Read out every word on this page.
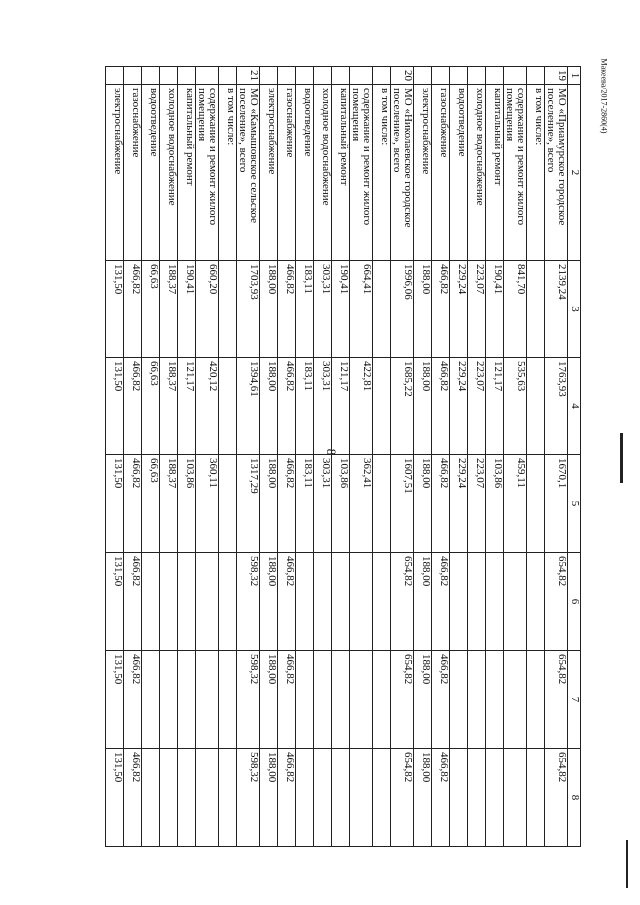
8
Макеева/2017-2860(4)
1	2	3	4	5	6	7	8
19	МО «Приамурское городское поселение», всего	2139,24	1763,93	1670,1	654,82	654,82	654,82
	в том числе:						
	содержание и ремонт жилого помещения	841,70	535,63	459,11			
	капитальный ремонт	190,41	121,17	103,86			
	холодное водоснабжение	223,07	223,07	223,07			
	водоотведение	229,24	229,24	229,24			
	газоснабжение	466,82	466,82	466,82	466,82	466,82	466,82
	электроснабжение	188,00	188,00	188,00	188,00	188,00	188,00
20	МО «Николаевское городское поселение», всего	1996,06	1685,22	1607,51	654,82	654,82	654,82
	в том числе:						
	содержание и ремонт жилого помещения	664,41	422,81	362,41			
	капитальный ремонт	190,41	121,17	103,86			
	холодное водоснабжение	303,31	303,31	303,31			
	водоотведение	183,11	183,11	183,11			
	газоснабжение	466,82	466,82	466,82	466,82	466,82	466,82
	электроснабжение	188,00	188,00	188,00	188,00	188,00	188,00
21	МО «Камышовское сельское поселение», всего	1703,93	1394,61	1317,29	598,32	598,32	598,32
	в том числе:						
	содержание и ремонт жилого помещения	660,20	420,12	360,11			
	капитальный ремонт	190,41	121,17	103,86			
	холодное водоснабжение	188,37	188,37	188,37			
	водоотведение	66,63	66,63	66,63			
	газоснабжение	466,82	466,82	466,82	466,82	466,82	466,82
	электроснабжение	131,50	131,50	131,50	131,50	131,50	131,50
